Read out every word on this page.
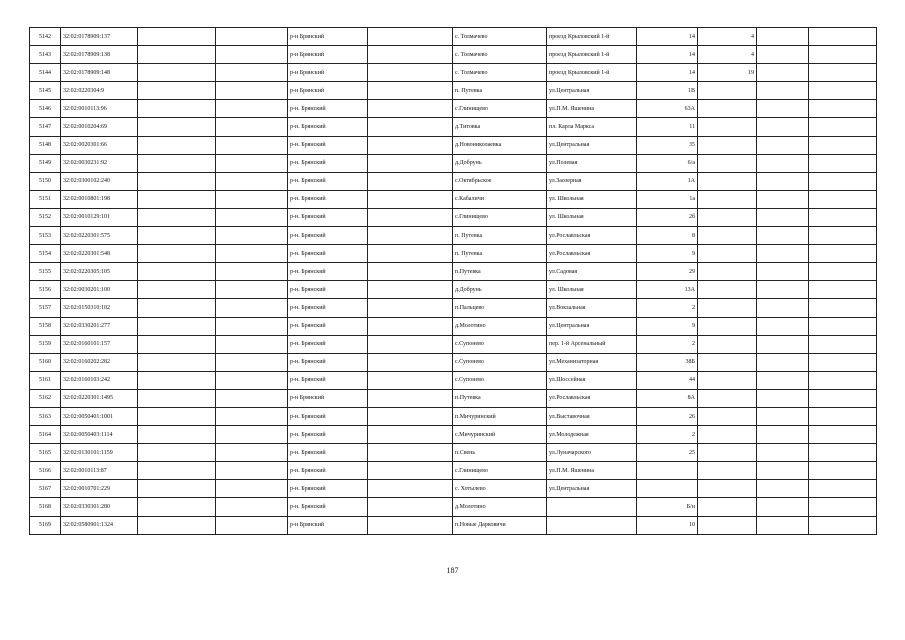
5142	32:02:0178909:137			р-н Брянский		с. Толмачево	проезд Крыловский 1-й	14	4		
5143	32:02:0178909:138			р-н Брянский		с. Толмачево	проезд Крыловский 1-й	14	4		
5144	32:02:0178909:148			р-н Брянский		с. Толмачево	проезд Крыловский 1-й	14	19		
5145	32:02:0220304:9			р-н Брянский		п. Путевка	ул.Центральная	1В			
5146	32:02:0010113:96			р-н. Брянский		с.Глинищево	ул.П.М. Яшенина	63А			
5147	32:02:0010204:69			р-н. Брянский		д.Титовка	пл. Карла Маркса	11			
5148	32:02:0020301:66			р-н. Брянский		д.Новониколаевка	ул.Центральная	35			
5149	32:02:0030231:92			р-н. Брянский		д.Добрунь	ул.Полевая	6/а			
5150	32:02:0300102:240			р-н. Брянский		с.Октябрьское	ул.Заозерная	1А			
5151	32:02:0010801:198			р-н. Брянский		с.Кабаличи	ул. Школьная	1а			
5152	32:02:0010129:101			р-н. Брянский		с.Глинищево	ул. Школьная	2б			
5153	32:02:0220301:575			р-н. Брянский		п. Путевка	ул.Рославльская	8			
5154	32:02:0220301:548			р-н. Брянский		п. Путевка	ул.Рославльская	9			
5155	32:02:0220305:105			р-н. Брянский		п.Путевка	ул.Садовая	29			
5156	32:02:0030201:100			р-н. Брянский		д.Добрунь	ул. Школьная	13А			
5157	32:02:0150310:102			р-н. Брянский		п.Пальцево	ул.Вокзальная	2			
5158	32:02:0330201:277			р-н. Брянский		д.Молотино	ул.Центральная	9			
5159	32:02:0160101:157			р-н. Брянский		с.Супонево	пер. 1-й Арсенальный	2			
5160	32:02:0160202:282			р-н. Брянский		с.Супонево	ул.Механизаторная	38Б			
5161	32:02:0160103:242			р-н. Брянский		с.Супонево	ул.Шоссейная	44			
5162	32:02:0220301:1495			р-н Брянский		п.Путевка	ул.Рославльская	8А			
5163	32:02:0050401:1001			р-н. Брянский		п.Мичуринский	ул.Выставочная	26			
5164	32:02:0050403:1114			р-н. Брянский		с.Мичуринский	ул.Молодежная	2			
5165	32:02:0130101:1159			р-н. Брянский		п.Свень	ул.Луначарского	25			
5166	32:02:0010113:87			р-н. Брянский		с.Глинищево	ул.П.М. Яшенина				
5167	32:02:0010701:229			р-н. Брянский		с. Хотылево	ул.Центральная				
5168	32:02:0330301:280			р-н. Брянский		д.Молотино		Б/н			
5169	32:02:0580901:1324			р-н Брянский		п.Новые Дарковичи		10			
187
